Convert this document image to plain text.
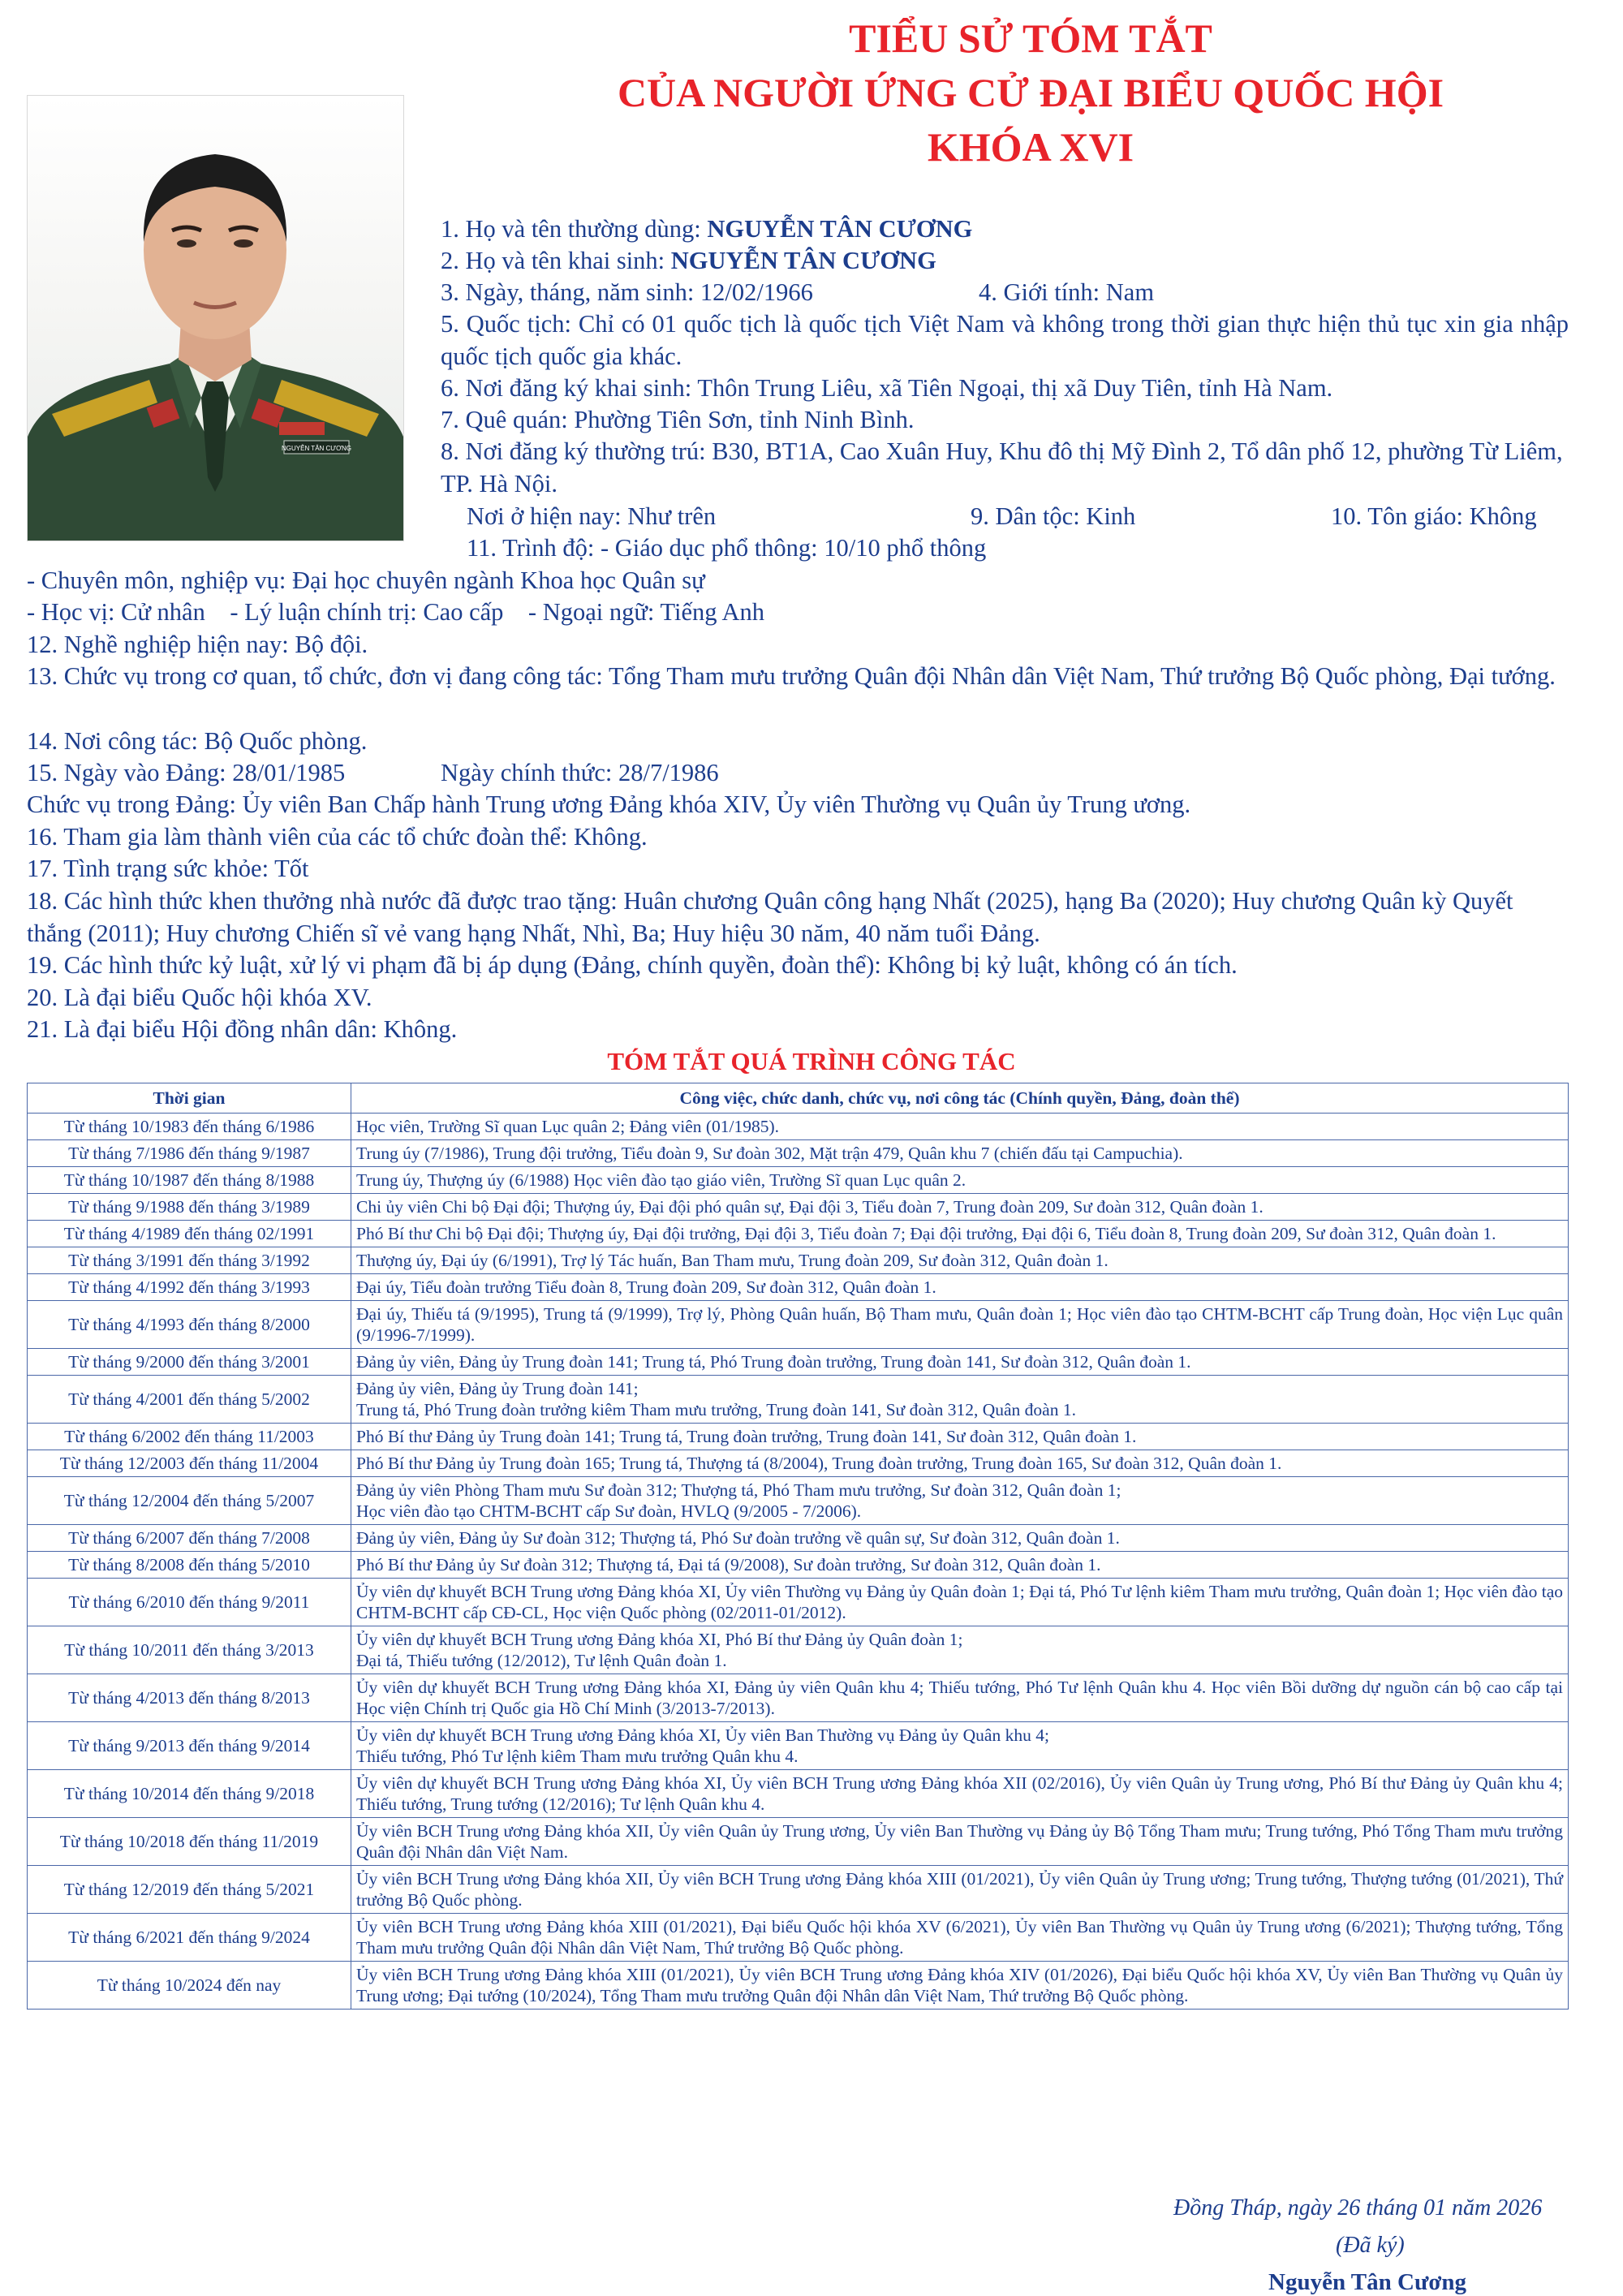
TIỂU SỬ TÓM TẮT
CỦA NGƯỜI ỨNG CỬ ĐẠI BIỂU QUỐC HỘI
KHÓA XVI
NGUYỄN TÂN CƯƠNG
1. Họ và tên thường dùng: NGUYỄN TÂN CƯƠNG
2. Họ và tên khai sinh: NGUYỄN TÂN CƯƠNG
3. Ngày, tháng, năm sinh: 12/02/1966	4. Giới tính: Nam
5. Quốc tịch: Chỉ có 01 quốc tịch là quốc tịch Việt Nam và không trong thời gian thực hiện thủ tục xin gia nhập quốc tịch quốc gia khác.
6. Nơi đăng ký khai sinh: Thôn Trung Liêu, xã Tiên Ngoại, thị xã Duy Tiên, tỉnh Hà Nam.
7. Quê quán: Phường Tiên Sơn, tỉnh Ninh Bình.
8. Nơi đăng ký thường trú: B30, BT1A, Cao Xuân Huy, Khu đô thị Mỹ Đình 2, Tổ dân phố 12, phường Từ Liêm, TP. Hà Nội.
Nơi ở hiện nay: Như trên	9. Dân tộc: Kinh	10. Tôn giáo: Không
11. Trình độ: - Giáo dục phổ thông: 10/10 phổ thông
- Chuyên môn, nghiệp vụ: Đại học chuyên ngành Khoa học Quân sự
- Học vị: Cử nhân    - Lý luận chính trị: Cao cấp    - Ngoại ngữ: Tiếng Anh
12. Nghề nghiệp hiện nay: Bộ đội.
13. Chức vụ trong cơ quan, tổ chức, đơn vị đang công tác: Tổng Tham mưu trưởng Quân đội Nhân dân Việt Nam, Thứ trưởng Bộ Quốc phòng, Đại tướng.
14. Nơi công tác: Bộ Quốc phòng.
15. Ngày vào Đảng: 28/01/1985	Ngày chính thức: 28/7/1986
Chức vụ trong Đảng: Ủy viên Ban Chấp hành Trung ương Đảng khóa XIV, Ủy viên Thường vụ Quân ủy Trung ương.
16. Tham gia làm thành viên của các tổ chức đoàn thể: Không.
17. Tình trạng sức khỏe: Tốt
18. Các hình thức khen thưởng nhà nước đã được trao tặng: Huân chương Quân công hạng Nhất (2025), hạng Ba (2020); Huy chương Quân kỳ Quyết thắng (2011); Huy chương Chiến sĩ vẻ vang hạng Nhất, Nhì, Ba; Huy hiệu 30 năm, 40 năm tuổi Đảng.
19. Các hình thức kỷ luật, xử lý vi phạm đã bị áp dụng (Đảng, chính quyền, đoàn thể): Không bị kỷ luật, không có án tích.
20. Là đại biểu Quốc hội khóa XV.
21. Là đại biểu Hội đồng nhân dân: Không.
TÓM TẮT QUÁ TRÌNH CÔNG TÁC
Thời gian	Công việc, chức danh, chức vụ, nơi công tác (Chính quyền, Đảng, đoàn thể)
Từ tháng 10/1983 đến tháng 6/1986	Học viên, Trường Sĩ quan Lục quân 2; Đảng viên (01/1985).
Từ tháng 7/1986 đến tháng 9/1987	Trung úy (7/1986), Trung đội trưởng, Tiểu đoàn 9, Sư đoàn 302, Mặt trận 479, Quân khu 7 (chiến đấu tại Campuchia).
Từ tháng 10/1987 đến tháng 8/1988	Trung úy, Thượng úy (6/1988) Học viên đào tạo giáo viên, Trường Sĩ quan Lục quân 2.
Từ tháng 9/1988 đến tháng 3/1989	Chi ủy viên Chi bộ Đại đội; Thượng úy, Đại đội phó quân sự, Đại đội 3, Tiểu đoàn 7, Trung đoàn 209, Sư đoàn 312, Quân đoàn 1.
Từ tháng 4/1989 đến tháng 02/1991	Phó Bí thư Chi bộ Đại đội; Thượng úy, Đại đội trưởng, Đại đội 3, Tiểu đoàn 7; Đại đội trưởng, Đại đội 6, Tiểu đoàn 8, Trung đoàn 209, Sư đoàn 312, Quân đoàn 1.
Từ tháng 3/1991 đến tháng 3/1992	Thượng úy, Đại úy (6/1991), Trợ lý Tác huấn, Ban Tham mưu, Trung đoàn 209, Sư đoàn 312, Quân đoàn 1.
Từ tháng 4/1992 đến tháng 3/1993	Đại úy, Tiểu đoàn trưởng Tiểu đoàn 8, Trung đoàn 209, Sư đoàn 312, Quân đoàn 1.
Từ tháng 4/1993 đến tháng 8/2000	Đại úy, Thiếu tá (9/1995), Trung tá (9/1999), Trợ lý, Phòng Quân huấn, Bộ Tham mưu, Quân đoàn 1; Học viên đào tạo CHTM-BCHT cấp Trung đoàn, Học viện Lục quân (9/1996-7/1999).
Từ tháng 9/2000 đến tháng 3/2001	Đảng ủy viên, Đảng ủy Trung đoàn 141; Trung tá, Phó Trung đoàn trưởng, Trung đoàn 141, Sư đoàn 312, Quân đoàn 1.
Từ tháng 4/2001 đến tháng 5/2002	Đảng ủy viên, Đảng ủy Trung đoàn 141;
Trung tá, Phó Trung đoàn trưởng kiêm Tham mưu trưởng, Trung đoàn 141, Sư đoàn 312, Quân đoàn 1.
Từ tháng 6/2002 đến tháng 11/2003	Phó Bí thư Đảng ủy Trung đoàn 141; Trung tá, Trung đoàn trưởng, Trung đoàn 141, Sư đoàn 312, Quân đoàn 1.
Từ tháng 12/2003 đến tháng 11/2004	Phó Bí thư Đảng ủy Trung đoàn 165; Trung tá, Thượng tá (8/2004), Trung đoàn trưởng, Trung đoàn 165, Sư đoàn 312, Quân đoàn 1.
Từ tháng 12/2004 đến tháng 5/2007	Đảng ủy viên Phòng Tham mưu Sư đoàn 312; Thượng tá, Phó Tham mưu trưởng, Sư đoàn 312, Quân đoàn 1;
Học viên đào tạo CHTM-BCHT cấp Sư đoàn, HVLQ (9/2005 - 7/2006).
Từ tháng 6/2007 đến tháng 7/2008	Đảng ủy viên, Đảng ủy Sư đoàn 312; Thượng tá, Phó Sư đoàn trưởng về quân sự, Sư đoàn 312, Quân đoàn 1.
Từ tháng 8/2008 đến tháng 5/2010	Phó Bí thư Đảng ủy Sư đoàn 312; Thượng tá, Đại tá (9/2008), Sư đoàn trưởng, Sư đoàn 312, Quân đoàn 1.
Từ tháng 6/2010 đến tháng 9/2011	Ủy viên dự khuyết BCH Trung ương Đảng khóa XI, Ủy viên Thường vụ Đảng ủy Quân đoàn 1; Đại tá, Phó Tư lệnh kiêm Tham mưu trưởng, Quân đoàn 1; Học viên đào tạo CHTM-BCHT cấp CĐ-CL, Học viện Quốc phòng (02/2011-01/2012).
Từ tháng 10/2011 đến tháng 3/2013	Ủy viên dự khuyết BCH Trung ương Đảng khóa XI, Phó Bí thư Đảng ủy Quân đoàn 1;
Đại tá, Thiếu tướng (12/2012), Tư lệnh Quân đoàn 1.
Từ tháng 4/2013 đến tháng 8/2013	Ủy viên dự khuyết BCH Trung ương Đảng khóa XI, Đảng ủy viên Quân khu 4; Thiếu tướng, Phó Tư lệnh Quân khu 4. Học viên Bồi dưỡng dự nguồn cán bộ cao cấp tại Học viện Chính trị Quốc gia Hồ Chí Minh (3/2013-7/2013).
Từ tháng 9/2013 đến tháng 9/2014	Ủy viên dự khuyết BCH Trung ương Đảng khóa XI, Ủy viên Ban Thường vụ Đảng ủy Quân khu 4;
Thiếu tướng, Phó Tư lệnh kiêm Tham mưu trưởng Quân khu 4.
Từ tháng 10/2014 đến tháng 9/2018	Ủy viên dự khuyết BCH Trung ương Đảng khóa XI, Ủy viên BCH Trung ương Đảng khóa XII (02/2016), Ủy viên Quân ủy Trung ương, Phó Bí thư Đảng ủy Quân khu 4; Thiếu tướng, Trung tướng (12/2016); Tư lệnh Quân khu 4.
Từ tháng 10/2018 đến tháng 11/2019	Ủy viên BCH Trung ương Đảng khóa XII, Ủy viên Quân ủy Trung ương, Ủy viên Ban Thường vụ Đảng ủy Bộ Tổng Tham mưu; Trung tướng, Phó Tổng Tham mưu trưởng Quân đội Nhân dân Việt Nam.
Từ tháng 12/2019 đến tháng 5/2021	Ủy viên BCH Trung ương Đảng khóa XII, Ủy viên BCH Trung ương Đảng khóa XIII (01/2021), Ủy viên Quân ủy Trung ương; Trung tướng, Thượng tướng (01/2021), Thứ trưởng Bộ Quốc phòng.
Từ tháng 6/2021 đến tháng 9/2024	Ủy viên BCH Trung ương Đảng khóa XIII (01/2021), Đại biểu Quốc hội khóa XV (6/2021), Ủy viên Ban Thường vụ Quân ủy Trung ương (6/2021); Thượng tướng, Tổng Tham mưu trưởng Quân đội Nhân dân Việt Nam, Thứ trưởng Bộ Quốc phòng.
Từ tháng 10/2024 đến nay	Ủy viên BCH Trung ương Đảng khóa XIII (01/2021), Ủy viên BCH Trung ương Đảng khóa XIV (01/2026), Đại biểu Quốc hội khóa XV, Ủy viên Ban Thường vụ Quân ủy Trung ương; Đại tướng (10/2024), Tổng Tham mưu trưởng Quân đội Nhân dân Việt Nam, Thứ trưởng Bộ Quốc phòng.
Đồng Tháp, ngày 26 tháng 01 năm 2026
(Đã ký)
Nguyễn Tân Cương
